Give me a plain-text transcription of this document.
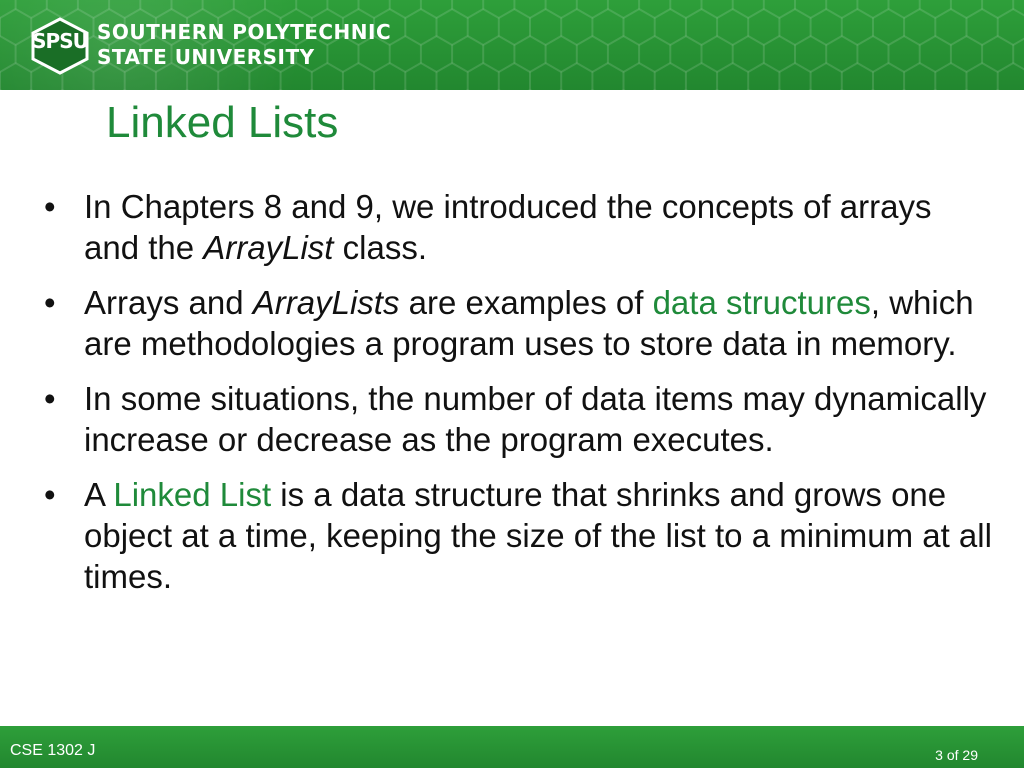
SPSU SOUTHERN POLYTECHNIC
STATE UNIVERSITY
Linked Lists
• In Chapters 8 and 9, we introduced the concepts of arrays and the ArrayList class.
• Arrays and ArrayLists are examples of data structures, which are methodologies a program uses to store data in memory.
• In some situations, the number of data items may dynamically increase or decrease as the program executes.
• A Linked List is a data structure that shrinks and grows one object at a time, keeping the size of the list to a minimum at all times.
CSE 1302 J	3 of 29
